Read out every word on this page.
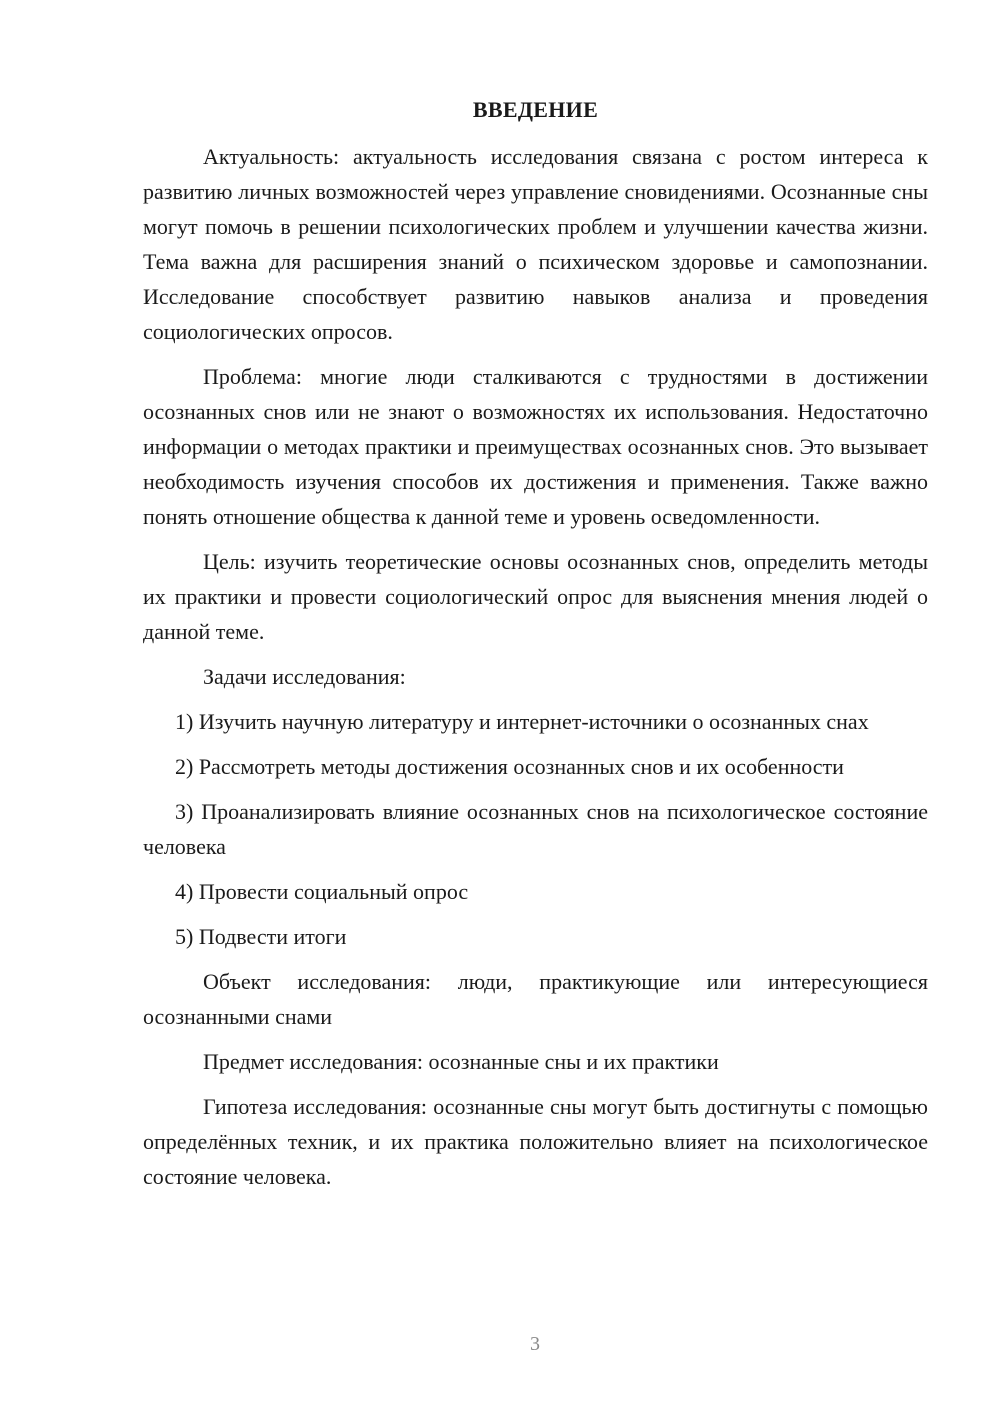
ВВЕДЕНИЕ

Актуальность: актуальность исследования связана с ростом интереса к развитию личных возможностей через управление сновидениями. Осознанные сны могут помочь в решении психологических проблем и улучшении качества жизни. Тема важна для расширения знаний о психическом здоровье и самопознании. Исследование способствует развитию навыков анализа и проведения социологических опросов.

Проблема: многие люди сталкиваются с трудностями в достижении осознанных снов или не знают о возможностях их использования. Недостаточно информации о методах практики и преимуществах осознанных снов. Это вызывает необходимость изучения способов их достижения и применения. Также важно понять отношение общества к данной теме и уровень осведомленности.

Цель: изучить теоретические основы осознанных снов, определить методы их практики и провести социологический опрос для выяснения мнения людей о данной теме.

Задачи исследования:

1) Изучить научную литературу и интернет-источники о осознанных снах

2) Рассмотреть методы достижения осознанных снов и их особенности

3) Проанализировать влияние осознанных снов на психологическое состояние человека

4) Провести социальный опрос

5) Подвести итоги

Объект исследования: люди, практикующие или интересующиеся осознанными снами

Предмет исследования: осознанные сны и их практики

Гипотеза исследования: осознанные сны могут быть достигнуты с помощью определённых техник, и их практика положительно влияет на психологическое состояние человека.

3
